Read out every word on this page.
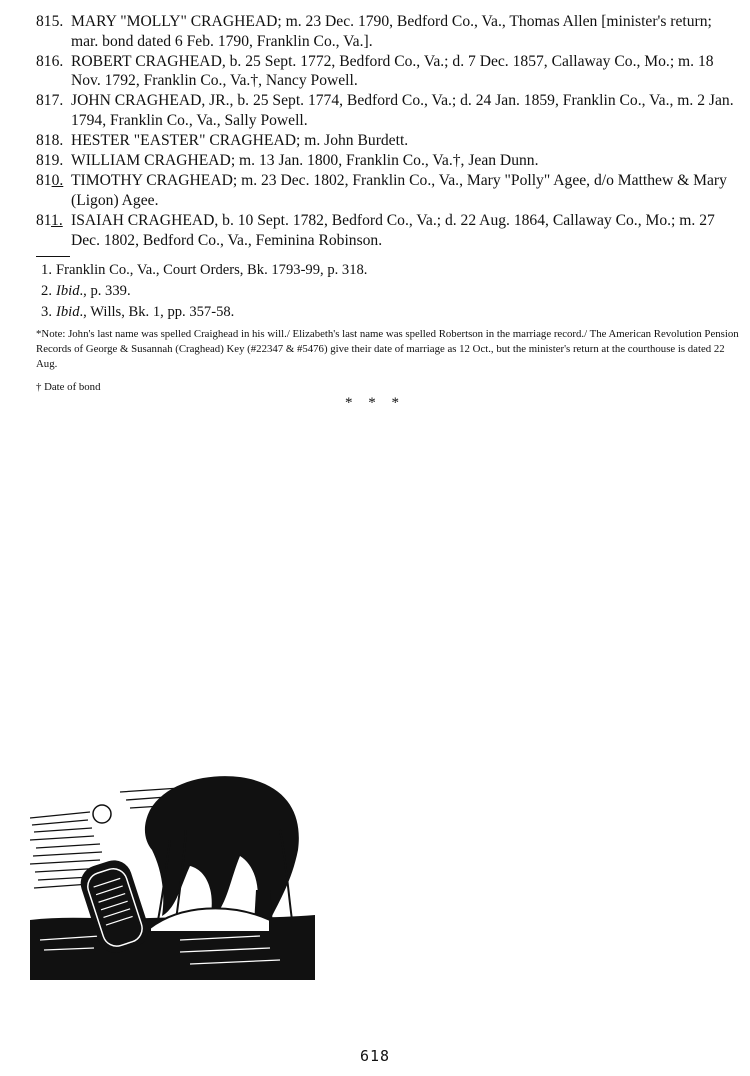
815. MARY "MOLLY" CRAGHEAD; m. 23 Dec. 1790, Bedford Co., Va., Thomas Allen [minister's return; mar. bond dated 6 Feb. 1790, Franklin Co., Va.].
816. ROBERT CRAGHEAD, b. 25 Sept. 1772, Bedford Co., Va.; d. 7 Dec. 1857, Callaway Co., Mo.; m. 18 Nov. 1792, Franklin Co., Va.†, Nancy Powell.
817. JOHN CRAGHEAD, JR., b. 25 Sept. 1774, Bedford Co., Va.; d. 24 Jan. 1859, Franklin Co., Va., m. 2 Jan. 1794, Franklin Co., Va., Sally Powell.
818. HESTER "EASTER" CRAGHEAD; m. John Burdett.
819. WILLIAM CRAGHEAD; m. 13 Jan. 1800, Franklin Co., Va.†, Jean Dunn.
810. TIMOTHY CRAGHEAD; m. 23 Dec. 1802, Franklin Co., Va., Mary "Polly" Agee, d/o Matthew & Mary (Ligon) Agee.
811. ISAIAH CRAGHEAD, b. 10 Sept. 1782, Bedford Co., Va.; d. 22 Aug. 1864, Callaway Co., Mo.; m. 27 Dec. 1802, Bedford Co., Va., Feminina Robinson.
1. Franklin Co., Va., Court Orders, Bk. 1793-99, p. 318.
2. Ibid., p. 339.
3. Ibid., Wills, Bk. 1, pp. 357-58.
*Note: John's last name was spelled Craighead in his will./ Elizabeth's last name was spelled Robertson in the marriage record./ The American Revolution Pension Records of George & Susannah (Craghead) Key (#22347 & #5476) give their date of marriage as 12 Oct., but the minister's return at the courthouse is dated 22 Aug.
† Date of bond
* * *
618
